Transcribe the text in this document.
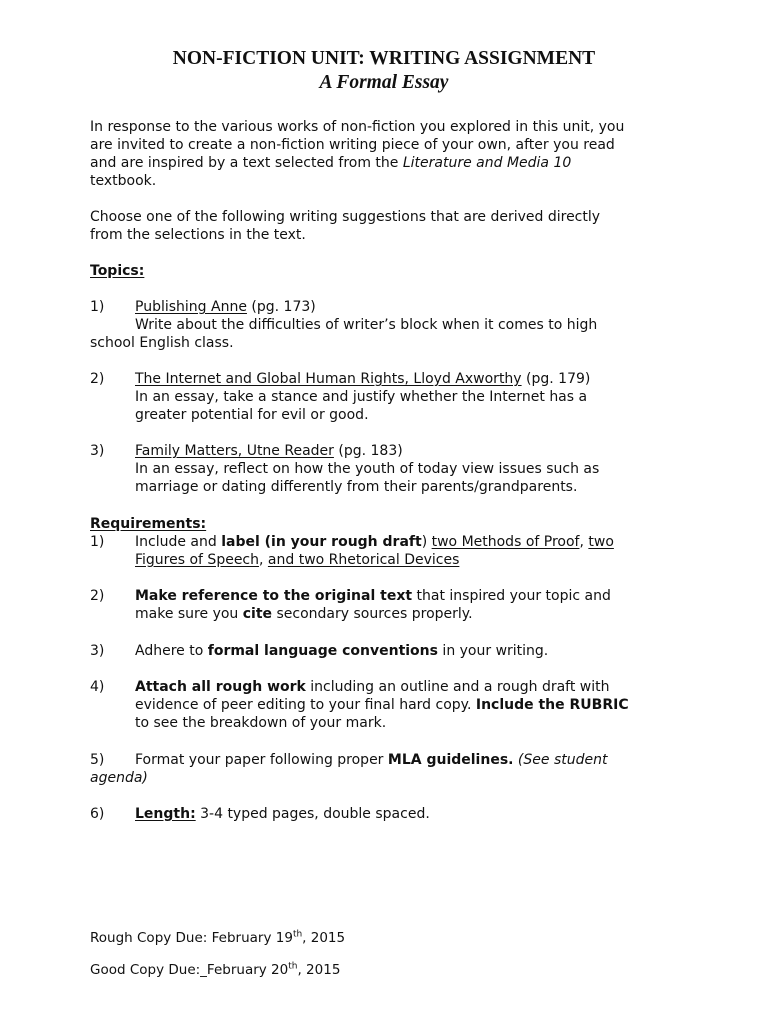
NON-FICTION UNIT: WRITING ASSIGNMENT
A Formal Essay
In response to the various works of non-fiction you explored in this unit, you
are invited to create a non-fiction writing piece of your own, after you read
and are inspired by a text selected from the Literature and Media 10
textbook.
Choose one of the following writing suggestions that are derived directly
from the selections in the text.
Topics:
1) Publishing Anne (pg. 173)
Write about the difficulties of writer’s block when it comes to high
school English class.
2) The Internet and Global Human Rights, Lloyd Axworthy (pg. 179)
In an essay, take a stance and justify whether the Internet has a
greater potential for evil or good.
3) Family Matters, Utne Reader (pg. 183)
In an essay, reflect on how the youth of today view issues such as
marriage or dating differently from their parents/grandparents.
Requirements:
1) Include and label (in your rough draft) two Methods of Proof, two
Figures of Speech, and two Rhetorical Devices
2) Make reference to the original text that inspired your topic and
make sure you cite secondary sources properly.
3) Adhere to formal language conventions in your writing.
4) Attach all rough work including an outline and a rough draft with
evidence of peer editing to your final hard copy. Include the RUBRIC
to see the breakdown of your mark.
5) Format your paper following proper MLA guidelines. (See student
agenda)
6) Length: 3-4 typed pages, double spaced.
Rough Copy Due: February 19th, 2015
Good Copy Due:_February 20th, 2015
